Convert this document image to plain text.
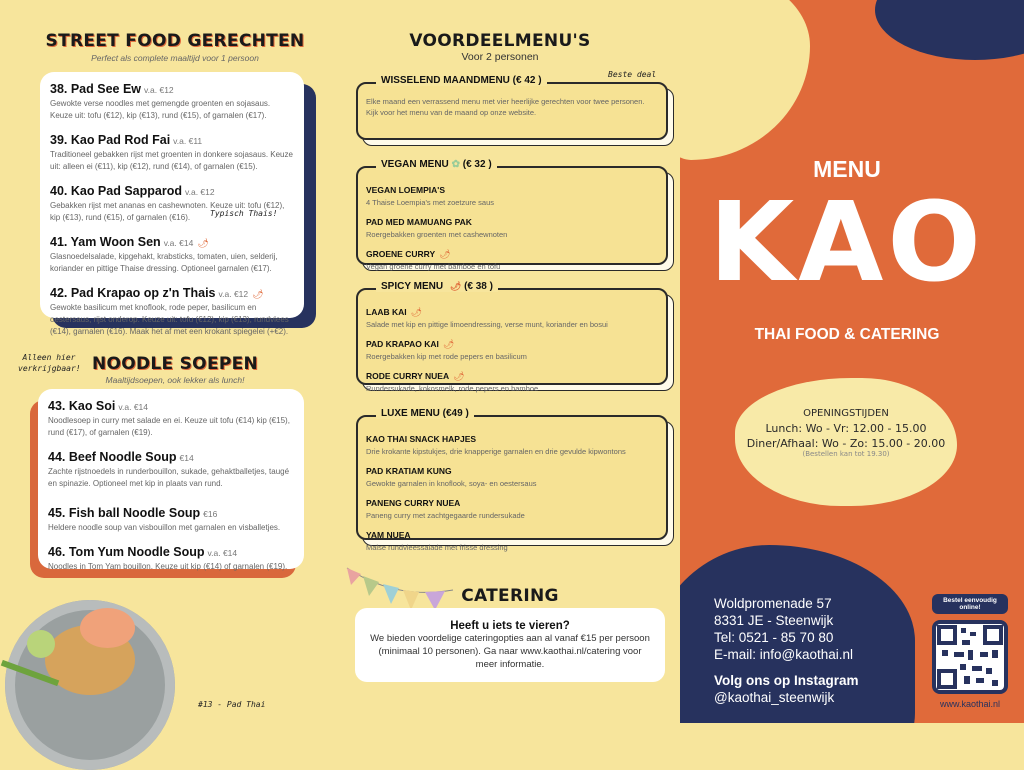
STREET FOOD GERECHTEN
Perfect als complete maaltijd voor 1 persoon
38. Pad See Ew v.a. €12
Gewokte verse noodles met gemengde groenten en sojasaus. Keuze uit: tofu (€12), kip (€13), rund (€15), of garnalen (€17).
39. Kao Pad Rod Fai v.a. €11
Traditioneel gebakken rijst met groenten in donkere sojasaus. Keuze uit: alleen ei (€11), kip (€12), rund (€14), of garnalen (€15).
40. Kao Pad Sapparod v.a. €12
Gebakken rijst met ananas en cashewnoten. Keuze uit: tofu (€12), kip (€13), rund (€15), of garnalen (€16).
41. Yam Woon Sen v.a. €14 🌶︎
Glasnoedelsalade, kipgehakt, krabsticks, tomaten, uien, selderij, koriander en pittige Thaise dressing. Optioneel garnalen (€17).
42. Pad Krapao op z'n Thais v.a. €12 🌶︎
Gewokte basilicum met knoflook, rode peper, basilicum en oestersaus, rijst onderop. Keuze uit: tofu (€12), kip (€13), rundvlees (€14), garnalen (€16). Maak het af met een krokant spiegelei (+€2).
Typisch Thais!
Alleen hier verkrijgbaar! NOODLE SOEPEN
Maaltijdsoepen, ook lekker als lunch!
43. Kao Soi v.a. €14
Noodlesoep in curry met salade en ei. Keuze uit tofu (€14) kip (€15), rund (€17), of garnalen (€19).
44. Beef Noodle Soup €14
Zachte rijstnoedels in runderbouillon, sukade, gehaktballetjes, taugé en spinazie. Optioneel met kip in plaats van rund.
45. Fish ball Noodle Soup €16
Heldere noodle soup van visbouillon met garnalen en visballetjes.
46. Tom Yum Noodle Soup v.a. €14
Noodles in Tom Yam bouillon. Keuze uit kip (€14) of garnalen (€19).
#13 - Pad Thai
VOORDEELMENU'S
Voor 2 personen
Beste deal
WISSELEND MAANDMENU (€ 42 )
Elke maand een verrassend menu met vier heerlijke gerechten voor twee personen. Kijk voor het menu van de maand op onze website.
VEGAN MENU ✿ (€ 32 )
VEGAN LOEMPIA'S
4 Thaise Loempia's met zoetzure saus
PAD MED MAMUANG PAK
Roergebakken groenten met cashewnoten
GROENE CURRY 🌶︎
Vegan groene curry met bamboe en tofu
SPICY MENU 🌶︎ (€ 38 )
LAAB KAI 🌶︎
Salade met kip en pittige limoendressing, verse munt, koriander en bosui
PAD KRAPAO KAI 🌶︎
Roergebakken kip met rode pepers en basilicum
RODE CURRY NUEA 🌶︎
Rundersukade, kokosmelk, rode pepers en bamboe
LUXE MENU (€49 )
KAO THAI SNACK HAPJES
Drie krokante kipstukjes, drie knapperige garnalen en drie gevulde kipwontons
PAD KRATIAM KUNG
Gewokte garnalen in knoflook, soya- en oestersaus
PANENG CURRY NUEA
Paneng curry met zachtgegaarde rundersukade
YAM NUEA
Malse rundvleessalade met frisse dressing
CATERING
Heeft u iets te vieren?
We bieden voordelige cateringopties aan al vanaf €15 per persoon (minimaal 10 personen). Ga naar www.kaothai.nl/catering voor meer informatie.
MENU
KAO
THAI FOOD & CATERING
OPENINGSTIJDEN
Lunch: Wo - Vr: 12.00 - 15.00
Diner/Afhaal: Wo - Zo: 15.00 - 20.00
(Bestellen kan tot 19.30)
Woldpromenade 57
8331 JE - Steenwijk
Tel: 0521 - 85 70 80
E-mail: info@kaothai.nl
Volg ons op Instagram
@kaothai_steenwijk
Bestel eenvoudig online!
www.kaothai.nl
